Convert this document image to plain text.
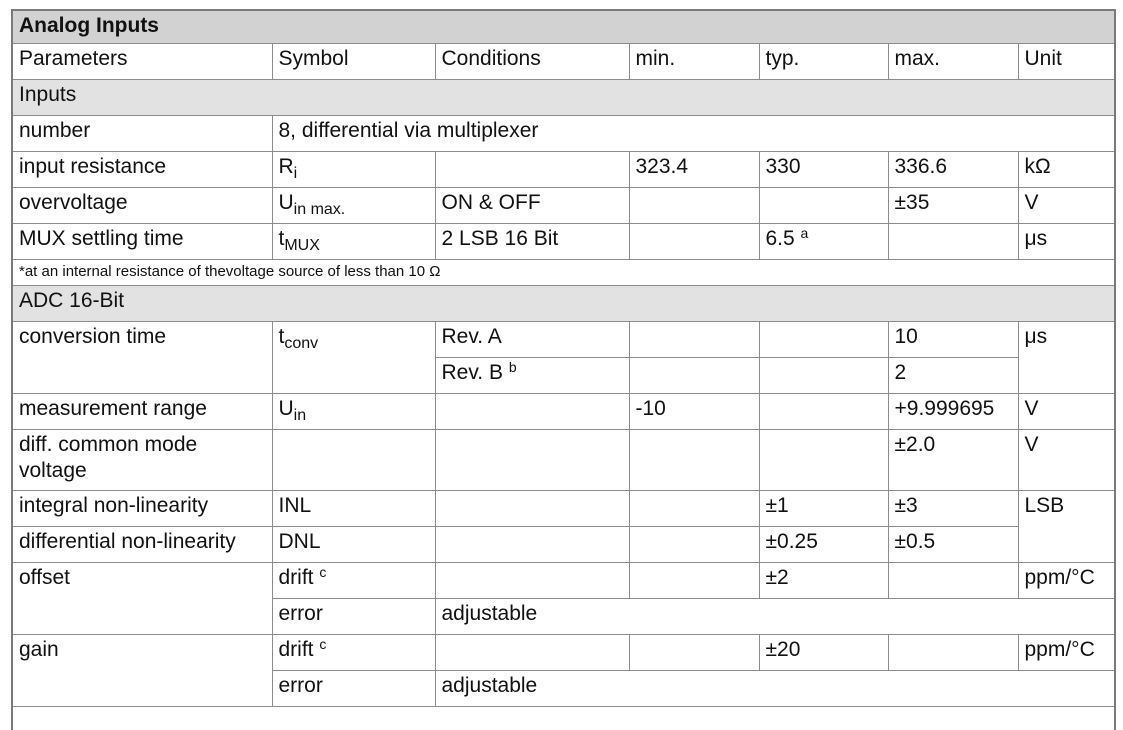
Analog Inputs						
Parameters	Symbol	Conditions	min.	typ.	max.	Unit
Inputs						
number	8, differential via multiplexer					
input resistance	$R_i$		323.4	330	336.6	kΩ
overvoltage	$U_{in max.}$	ON & OFF			±35	V
MUX settling time	$t_{MUX}$	2 LSB 16 Bit		6.5 $^a$		μs
*at an internal resistance of thevoltage source of less than 10 Ω						
ADC 16-Bit						
conversion time	$t_{conv}$	Rev. A			10	μs
		Rev. B $^b$			2	
measurement range	$U_{in}$		-10		+9.999695	V
diff. common mode voltage					±2.0	V
integral non-linearity	INL			±1	±3	LSB
differential non-linearity	DNL			±0.25	±0.5	
offset	drift $^c$			±2		ppm/°C
	error	adjustable				
gain	drift $^c$			±20		ppm/°C
	error	adjustable				
